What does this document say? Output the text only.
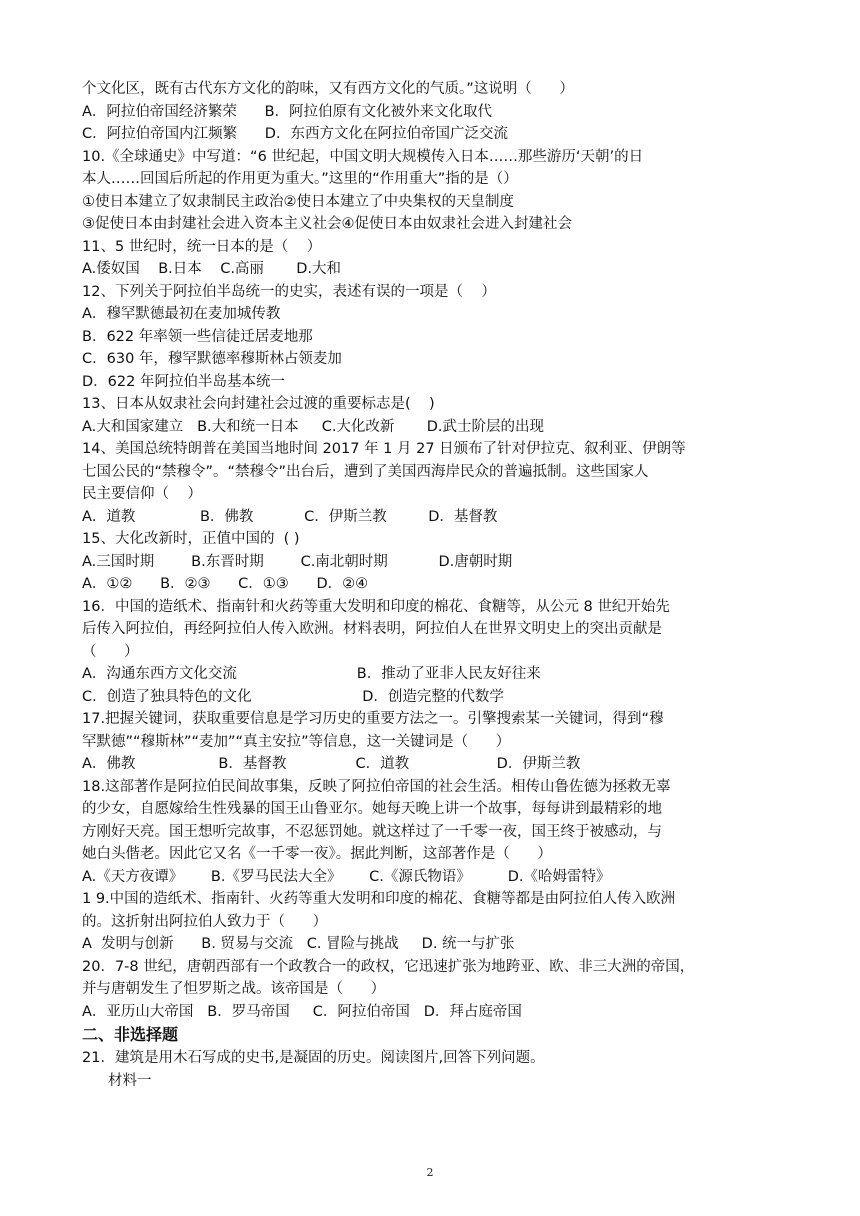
个文化区，既有古代东方文化的韵味，又有西方文化的气质。”这说明（      ）
A．阿拉伯帝国经济繁荣      B．阿拉伯原有文化被外来文化取代
C．阿拉伯帝国内江频繁      D．东西方文化在阿拉伯帝国广泛交流
10.《全球通史》中写道：“6 世纪起，中国文明大规模传入日本……那些游历‘天朝’的日
本人……回国后所起的作用更为重大。”这里的“作用重大”指的是（）
①使日本建立了奴隶制民主政治②使日本建立了中央集权的天皇制度
③促使日本由封建社会进入资本主义社会④促使日本由奴隶社会进入封建社会
11、5 世纪时，统一日本的是（    ）
A.倭奴国    B.日本    C.高丽       D.大和
12、下列关于阿拉伯半岛统一的史实，表述有误的一项是（    ）
A．穆罕默德最初在麦加城传教
B．622 年率领一些信徒迁居麦地那
C．630 年，穆罕默德率穆斯林占领麦加
D．622 年阿拉伯半岛基本统一
13、日本从奴隶社会向封建社会过渡的重要标志是(    )
A.大和国家建立   B.大和统一日本     C.大化改新       D.武士阶层的出现
14、美国总统特朗普在美国当地时间 2017 年 1 月 27 日颁布了针对伊拉克、叙利亚、伊朗等
七国公民的“禁穆令”。“禁穆令”出台后，遭到了美国西海岸民众的普遍抵制。这些国家人
民主要信仰（    ）
A．道教              B．佛教           C．伊斯兰教         D．基督教
15、大化改新时，正值中国的  ( )
A.三国时期        B.东晋时期        C.南北朝时期           D.唐朝时期
A．①②      B．②③      C．①③      D．②④
16．中国的造纸术、指南针和火药等重大发明和印度的棉花、食糖等，从公元 8 世纪开始先
后传入阿拉伯，再经阿拉伯人传入欧洲。材料表明，阿拉伯人在世界文明史上的突出贡献是
（      ）
A．沟通东西方文化交流                          B．推动了亚非人民友好往来
C．创造了独具特色的文化                        D．创造完整的代数学
17.把握关键词，获取重要信息是学习历史的重要方法之一。引擎搜索某一关键词，得到“穆
罕默德”“穆斯林”“麦加”“真主安拉”等信息，这一关键词是（      ）
A．佛教                  B．基督教               C．道教                   D．伊斯兰教
18.这部著作是阿拉伯民间故事集，反映了阿拉伯帝国的社会生活。相传山鲁佐德为拯救无辜
的少女，自愿嫁给生性残暴的国王山鲁亚尔。她每天晚上讲一个故事，每每讲到最精彩的地
方刚好天亮。国王想听完故事，不忍惩罚她。就这样过了一千零一夜，国王终于被感动，与
她白头偕老。因此它又名《一千零一夜》。据此判断，这部著作是（      ）
A.《天方夜谭》      B.《罗马民法大全》      C.《源氏物语》        D.《哈姆雷特》
1 9.中国的造纸术、指南针、火药等重大发明和印度的棉花、食糖等都是由阿拉伯人传入欧洲
的。这折射出阿拉伯人致力于（      ）
A  发明与创新      B. 贸易与交流   C. 冒险与挑战     D. 统一与扩张
20．7-8 世纪，唐朝西部有一个政教合一的政权，它迅速扩张为地跨亚、欧、非三大洲的帝国，
并与唐朝发生了怛罗斯之战。该帝国是（      ）
A．亚历山大帝国   B．罗马帝国     C．阿拉伯帝国   D．拜占庭帝国
二、非选择题
21．建筑是用木石写成的史书,是凝固的历史。阅读图片,回答下列问题。
材料一
2
